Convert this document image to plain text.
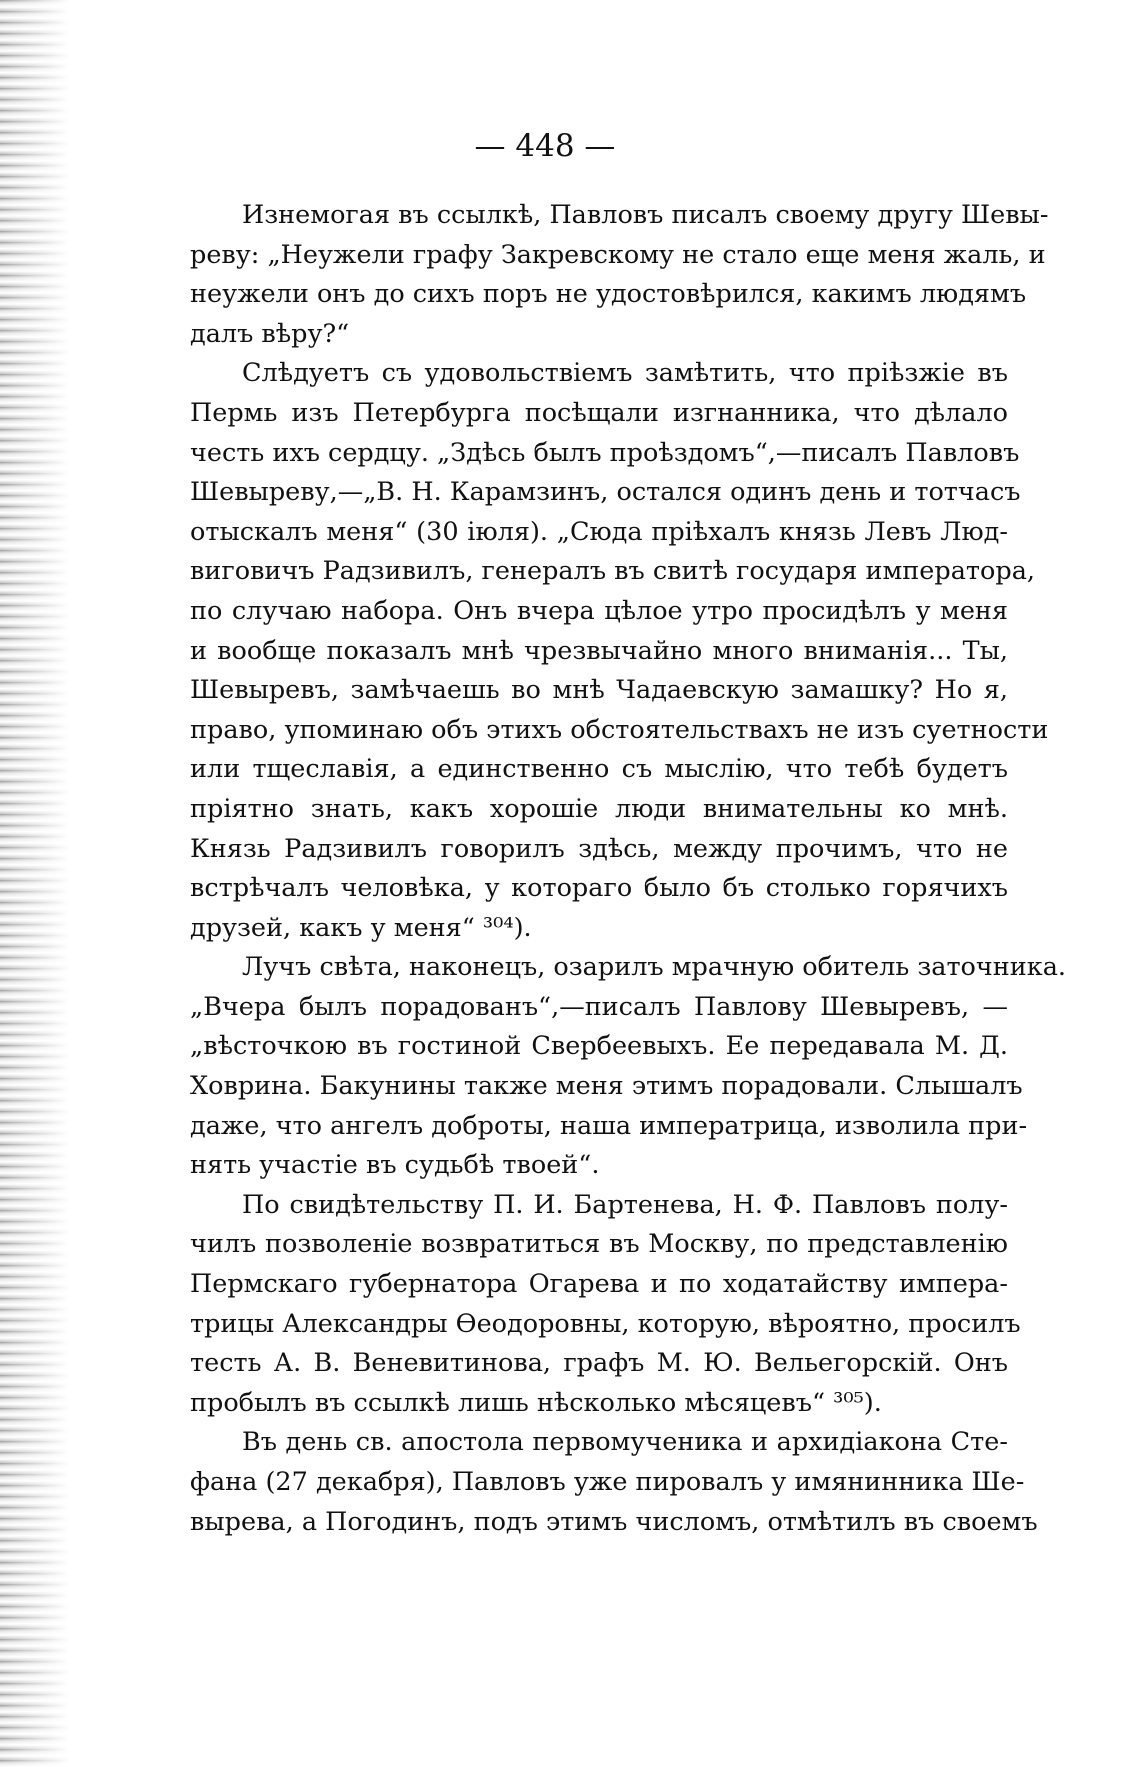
— 448 —

Изнемогая въ ссылкѣ, Павловъ писалъ своему другу Шевы-
реву: „Неужели графу Закревскому не стало еще меня жаль, и
неужели онъ до сихъ поръ не удостовѣрился, какимъ людямъ
далъ вѣру?“

Слѣдуетъ съ удовольствіемъ замѣтить, что пріѣзжіе въ
Пермь изъ Петербурга посѣщали изгнанника, что дѣлало
честь ихъ сердцу. „Здѣсь былъ проѣздомъ“,—писалъ Павловъ
Шевыреву,—„В. Н. Карамзинъ, остался одинъ день и тотчасъ
отыскалъ меня“ (30 іюля). „Сюда пріѣхалъ князь Левъ Люд-
виговичъ Радзивилъ, генералъ въ свитѣ государя императора,
по случаю набора. Онъ вчера цѣлое утро просидѣлъ у меня
и вообще показалъ мнѣ чрезвычайно много вниманія... Ты,
Шевыревъ, замѣчаешь во мнѣ Чадаевскую замашку? Но я,
право, упоминаю объ этихъ обстоятельствахъ не изъ суетности
или тщеславія, а единственно съ мыслію, что тебѣ будетъ
пріятно знать, какъ хорошіе люди внимательны ко мнѣ.
Князь Радзивилъ говорилъ здѣсь, между прочимъ, что не
встрѣчалъ человѣка, у котораго было бъ столько горячихъ
друзей, какъ у меня“ ³⁰⁴).

Лучъ свѣта, наконецъ, озарилъ мрачную обитель заточника.
„Вчера былъ порадованъ“,—писалъ Павлову Шевыревъ, —
„вѣсточкою въ гостиной Свербеевыхъ. Ее передавала М. Д.
Ховрина. Бакунины также меня этимъ порадовали. Слышалъ
даже, что ангелъ доброты, наша императрица, изволила при-
нять участіе въ судьбѣ твоей“.

По свидѣтельству П. И. Бартенева, Н. Ф. Павловъ полу-
чилъ позволеніе возвратиться въ Москву, по представленію
Пермскаго губернатора Огарева и по ходатайству импера-
трицы Александры Ѳеодоровны, которую, вѣроятно, просилъ
тесть А. В. Веневитинова, графъ М. Ю. Вельегорскій. Онъ
пробылъ въ ссылкѣ лишь нѣсколько мѣсяцевъ“ ³⁰⁵).

Въ день св. апостола первомученика и архидіакона Сте-
фана (27 декабря), Павловъ уже пировалъ у имянинника Ше-
вырева, а Погодинъ, подъ этимъ числомъ, отмѣтилъ въ своемъ
